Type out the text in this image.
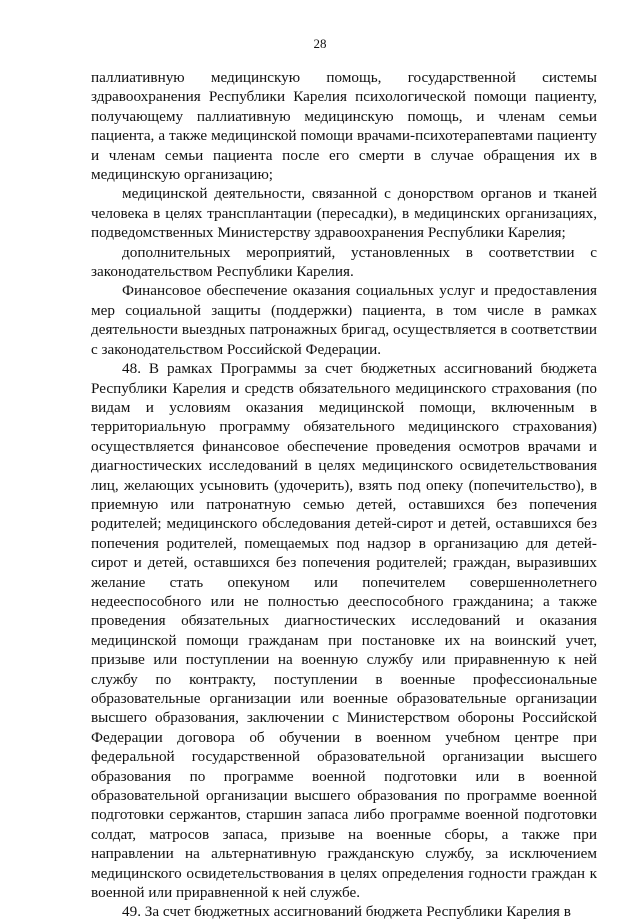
28

паллиативную медицинскую помощь, государственной системы здравоохранения Республики Карелия психологической помощи пациенту, получающему паллиативную медицинскую помощь, и членам семьи пациента, а также медицинской помощи врачами-психотерапевтами пациенту и членам семьи пациента после его смерти в случае обращения их в медицинскую организацию;

медицинской деятельности, связанной с донорством органов и тканей человека в целях трансплантации (пересадки), в медицинских организациях, подведомственных Министерству здравоохранения Республики Карелия;

дополнительных мероприятий, установленных в соответствии с законодательством Республики Карелия.

Финансовое обеспечение оказания социальных услуг и предоставления мер социальной защиты (поддержки) пациента, в том числе в рамках деятельности выездных патронажных бригад, осуществляется в соответствии с законодательством Российской Федерации.

48. В рамках Программы за счет бюджетных ассигнований бюджета Республики Карелия и средств обязательного медицинского страхования (по видам и условиям оказания медицинской помощи, включенным в территориальную программу обязательного медицинского страхования) осуществляется финансовое обеспечение проведения осмотров врачами и диагностических исследований в целях медицинского освидетельствования лиц, желающих усыновить (удочерить), взять под опеку (попечительство), в приемную или патронатную семью детей, оставшихся без попечения родителей; медицинского обследования детей-сирот и детей, оставшихся без попечения родителей, помещаемых под надзор в организацию для детей-сирот и детей, оставшихся без попечения родителей; граждан, выразивших желание стать опекуном или попечителем совершеннолетнего недееспособного или не полностью дееспособного гражданина; а также проведения обязательных диагностических исследований и оказания медицинской помощи гражданам при постановке их на воинский учет, призыве или поступлении на военную службу или приравненную к ней службу по контракту, поступлении в военные профессиональные образовательные организации или военные образовательные организации высшего образования, заключении с Министерством обороны Российской Федерации договора об обучении в военном учебном центре при федеральной государственной образовательной организации высшего образования по программе военной подготовки или в военной образовательной организации высшего образования по программе военной подготовки сержантов, старшин запаса либо программе военной подготовки солдат, матросов запаса, призыве на военные сборы, а также при направлении на альтернативную гражданскую службу, за исключением медицинского освидетельствования в целях определения годности граждан к военной или приравненной к ней службе.

49. За счет бюджетных ассигнований бюджета Республики Карелия в
